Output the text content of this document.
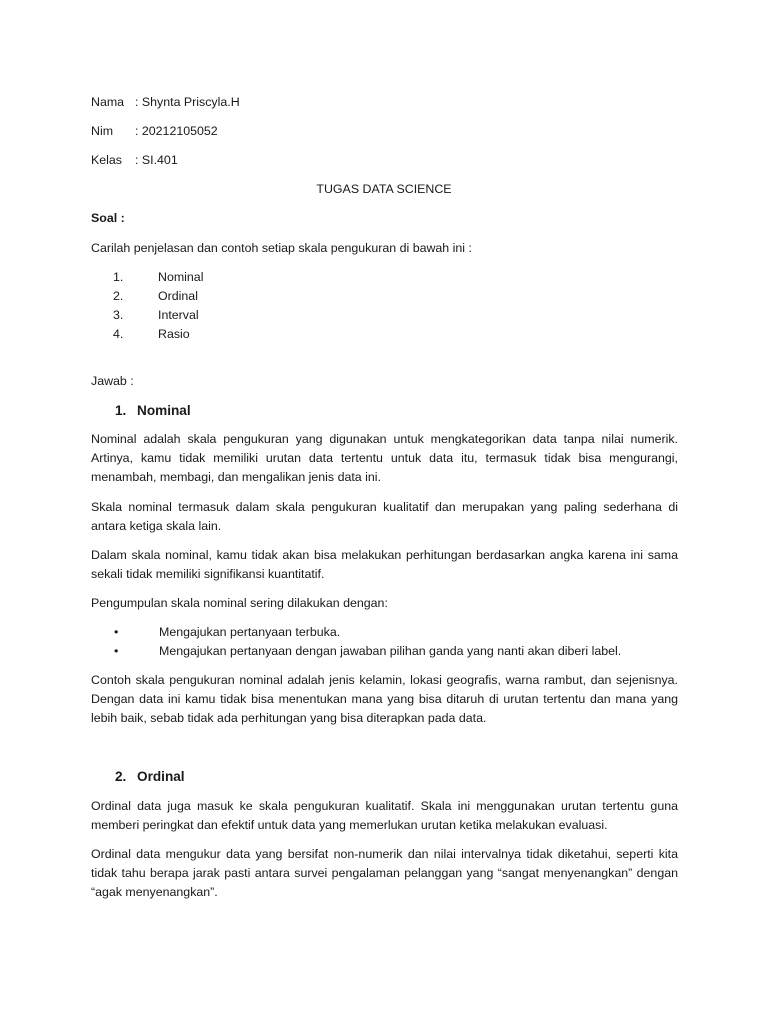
Nama : Shynta Priscyla.H
Nim : 20212105052
Kelas : SI.401
TUGAS DATA SCIENCE
Soal :
Carilah penjelasan dan contoh setiap skala pengukuran di bawah ini :
1.	Nominal
2.	Ordinal
3.	Interval
4.	Rasio
Jawab :
1. Nominal

Nominal adalah skala pengukuran yang digunakan untuk mengkategorikan data tanpa nilai numerik. Artinya, kamu tidak memiliki urutan data tertentu untuk data itu, termasuk tidak bisa mengurangi, menambah, membagi, dan mengalikan jenis data ini.

Skala nominal termasuk dalam skala pengukuran kualitatif dan merupakan yang paling sederhana di antara ketiga skala lain.

Dalam skala nominal, kamu tidak akan bisa melakukan perhitungan berdasarkan angka karena ini sama sekali tidak memiliki signifikansi kuantitatif.

Pengumpulan skala nominal sering dilakukan dengan:

•	Mengajukan pertanyaan terbuka.
•	Mengajukan pertanyaan dengan jawaban pilihan ganda yang nanti akan diberi label.

Contoh skala pengukuran nominal adalah jenis kelamin, lokasi geografis, warna rambut, dan sejenisnya. Dengan data ini kamu tidak bisa menentukan mana yang bisa ditaruh di urutan tertentu dan mana yang lebih baik, sebab tidak ada perhitungan yang bisa diterapkan pada data.

2. Ordinal

Ordinal data juga masuk ke skala pengukuran kualitatif. Skala ini menggunakan urutan tertentu guna memberi peringkat dan efektif untuk data yang memerlukan urutan ketika melakukan evaluasi.

Ordinal data mengukur data yang bersifat non-numerik dan nilai intervalnya tidak diketahui, seperti kita tidak tahu berapa jarak pasti antara survei pengalaman pelanggan yang “sangat menyenangkan” dengan “agak menyenangkan”.
